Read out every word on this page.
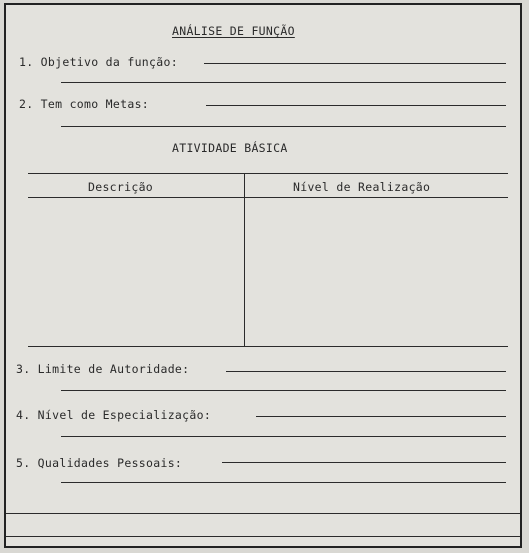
ANÁLISE DE FUNÇÃO
1. Objetivo da função:
2. Tem como Metas:
ATIVIDADE BÁSICA
Descrição	Nível de Realização
3. Limite de Autoridade:
4. Nível de Especialização:
5. Qualidades Pessoais:
